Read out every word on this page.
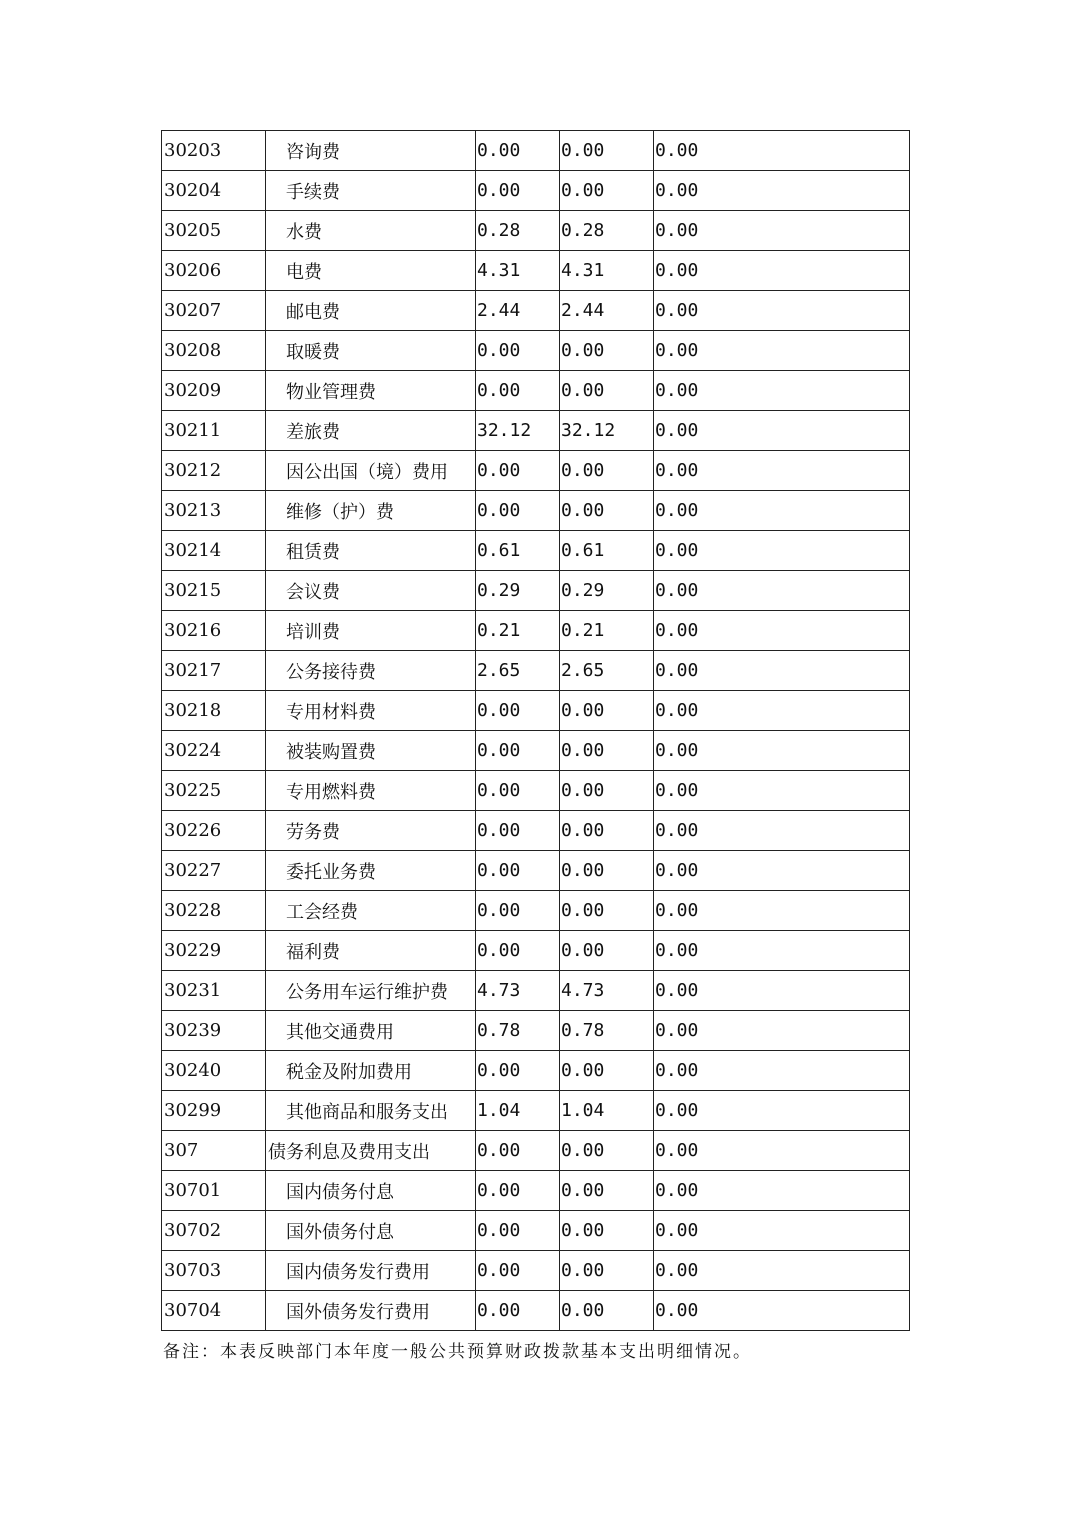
30203	咨询费	0.00	0.00	0.00
30204	手续费	0.00	0.00	0.00
30205	水费	0.28	0.28	0.00
30206	电费	4.31	4.31	0.00
30207	邮电费	2.44	2.44	0.00
30208	取暖费	0.00	0.00	0.00
30209	物业管理费	0.00	0.00	0.00
30211	差旅费	32.12	32.12	0.00
30212	因公出国（境）费用	0.00	0.00	0.00
30213	维修（护）费	0.00	0.00	0.00
30214	租赁费	0.61	0.61	0.00
30215	会议费	0.29	0.29	0.00
30216	培训费	0.21	0.21	0.00
30217	公务接待费	2.65	2.65	0.00
30218	专用材料费	0.00	0.00	0.00
30224	被装购置费	0.00	0.00	0.00
30225	专用燃料费	0.00	0.00	0.00
30226	劳务费	0.00	0.00	0.00
30227	委托业务费	0.00	0.00	0.00
30228	工会经费	0.00	0.00	0.00
30229	福利费	0.00	0.00	0.00
30231	公务用车运行维护费	4.73	4.73	0.00
30239	其他交通费用	0.78	0.78	0.00
30240	税金及附加费用	0.00	0.00	0.00
30299	其他商品和服务支出	1.04	1.04	0.00
307	债务利息及费用支出	0.00	0.00	0.00
30701	国内债务付息	0.00	0.00	0.00
30702	国外债务付息	0.00	0.00	0.00
30703	国内债务发行费用	0.00	0.00	0.00
30704	国外债务发行费用	0.00	0.00	0.00
备注：本表反映部门本年度一般公共预算财政拨款基本支出明细情况。
